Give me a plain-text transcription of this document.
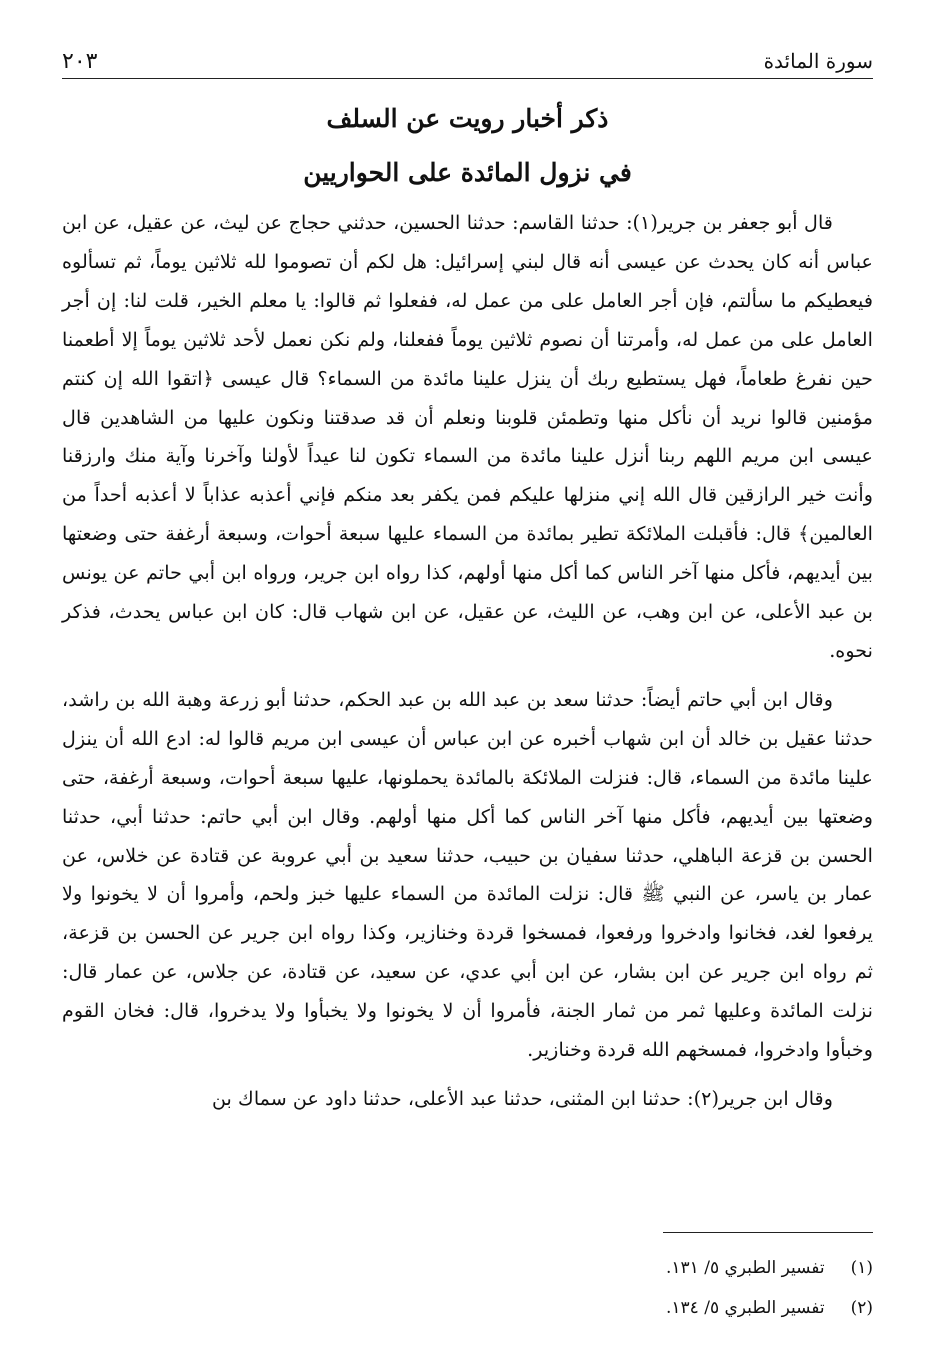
سورة المائدة
٢٠٣

ذكر أخبار رويت عن السلف

في نزول المائدة على الحواريين

قال أبو جعفر بن جرير(١): حدثنا القاسم: حدثنا الحسين، حدثني حجاج عن ليث، عن عقيل، عن ابن عباس أنه كان يحدث عن عيسى أنه قال لبني إسرائيل: هل لكم أن تصوموا لله ثلاثين يوماً، ثم تسألوه فيعطيكم ما سألتم، فإن أجر العامل على من عمل له، ففعلوا ثم قالوا: يا معلم الخير، قلت لنا: إن أجر العامل على من عمل له، وأمرتنا أن نصوم ثلاثين يوماً ففعلنا، ولم نكن نعمل لأحد ثلاثين يوماً إلا أطعمنا حين نفرغ طعاماً، فهل يستطيع ربك أن ينزل علينا مائدة من السماء؟ قال عيسى ﴿اتقوا الله إن كنتم مؤمنين قالوا نريد أن نأكل منها وتطمئن قلوبنا ونعلم أن قد صدقتنا ونكون عليها من الشاهدين قال عيسى ابن مريم اللهم ربنا أنزل علينا مائدة من السماء تكون لنا عيداً لأولنا وآخرنا وآية منك وارزقنا وأنت خير الرازقين قال الله إني منزلها عليكم فمن يكفر بعد منكم فإني أعذبه عذاباً لا أعذبه أحداً من العالمين﴾ قال: فأقبلت الملائكة تطير بمائدة من السماء عليها سبعة أحوات، وسبعة أرغفة حتى وضعتها بين أيديهم، فأكل منها آخر الناس كما أكل منها أولهم، كذا رواه ابن جرير، ورواه ابن أبي حاتم عن يونس بن عبد الأعلى، عن ابن وهب، عن الليث، عن عقيل، عن ابن شهاب قال: كان ابن عباس يحدث، فذكر نحوه.

وقال ابن أبي حاتم أيضاً: حدثنا سعد بن عبد الله بن عبد الحكم، حدثنا أبو زرعة وهبة الله بن راشد، حدثنا عقيل بن خالد أن ابن شهاب أخبره عن ابن عباس أن عيسى ابن مريم قالوا له: ادع الله أن ينزل علينا مائدة من السماء، قال: فنزلت الملائكة بالمائدة يحملونها، عليها سبعة أحوات، وسبعة أرغفة، حتى وضعتها بين أيديهم، فأكل منها آخر الناس كما أكل منها أولهم. وقال ابن أبي حاتم: حدثنا أبي، حدثنا الحسن بن قزعة الباهلي، حدثنا سفيان بن حبيب، حدثنا سعيد بن أبي عروبة عن قتادة عن خلاس، عن عمار بن ياسر، عن النبي ﷺ قال: نزلت المائدة من السماء عليها خبز ولحم، وأمروا أن لا يخونوا ولا يرفعوا لغد، فخانوا وادخروا ورفعوا، فمسخوا قردة وخنازير، وكذا رواه ابن جرير عن الحسن بن قزعة، ثم رواه ابن جرير عن ابن بشار، عن ابن أبي عدي، عن سعيد، عن قتادة، عن جلاس، عن عمار قال: نزلت المائدة وعليها ثمر من ثمار الجنة، فأمروا أن لا يخونوا ولا يخبأوا ولا يدخروا، قال: فخان القوم وخبأوا وادخروا، فمسخهم الله قردة وخنازير.

وقال ابن جرير(٢): حدثنا ابن المثنى، حدثنا عبد الأعلى، حدثنا داود عن سماك بن

(١)
تفسير الطبري ٥/ ١٣١.
(٢)
تفسير الطبري ٥/ ١٣٤.
